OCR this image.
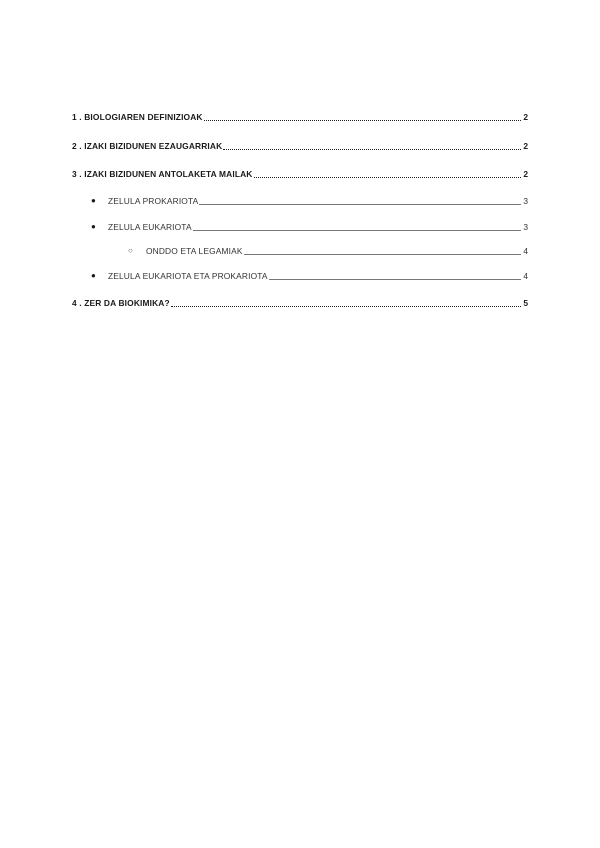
1 . BIOLOGIAREN DEFINIZIOAK	2
2 . IZAKI BIZIDUNEN EZAUGARRIAK	2
3 . IZAKI BIZIDUNEN ANTOLAKETA MAILAK	2
●	ZELULA PROKARIOTA	3
●	ZELULA EUKARIOTA	3
○	ONDDO ETA LEGAMIAK	4
●	ZELULA EUKARIOTA ETA PROKARIOTA	4
4 . ZER DA BIOKIMIKA?	5
